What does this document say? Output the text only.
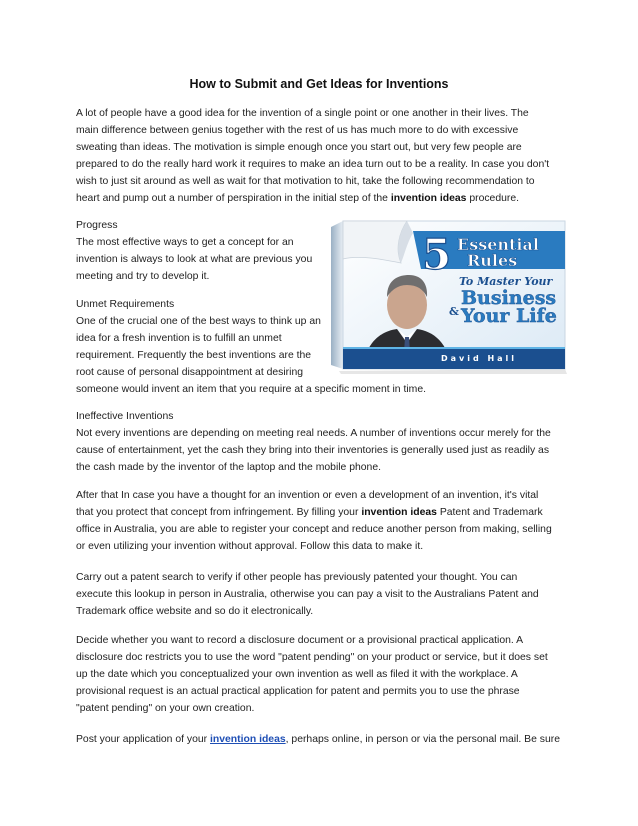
How to Submit and Get Ideas for Inventions

A lot of people have a good idea for the invention of a single point or one another in their lives. The

main difference between genius together with the rest of us has much more to do with excessive

sweating than ideas. The motivation is simple enough once you start out, but very few people are

prepared to do the really hard work it requires to make an idea turn out to be a reality. In case you don't

wish to just sit around as well as wait for that motivation to hit, take the following recommendation to

heart and pump out a number of perspiration in the initial step of the invention ideas procedure.

Progress

The most effective ways to get a concept for an

invention is always to look at what are previous you

meeting and try to develop it.

Unmet Requirements

One of the crucial one of the best ways to think up an

idea for a fresh invention is to fulfill an unmet

requirement. Frequently the best inventions are the

root cause of personal disappointment at desiring

someone would invent an item that you require at a specific moment in time.

5 Essential
Rules
To Master Your
Business
& Your Life
David Hall

Ineffective Inventions

Not every inventions are depending on meeting real needs. A number of inventions occur merely for the

cause of entertainment, yet the cash they bring into their inventories is generally used just as readily as

the cash made by the inventor of the laptop and the mobile phone.

After that In case you have a thought for an invention or even a development of an invention, it's vital

that you protect that concept from infringement. By filling your invention ideas Patent and Trademark

office in Australia, you are able to register your concept and reduce another person from making, selling

or even utilizing your invention without approval. Follow this data to make it.

Carry out a patent search to verify if other people has previously patented your thought. You can

execute this lookup in person in Australia, otherwise you can pay a visit to the Australians Patent and

Trademark office website and so do it electronically.

Decide whether you want to record a disclosure document or a provisional practical application. A

disclosure doc restricts you to use the word "patent pending" on your product or service, but it does set

up the date which you conceptualized your own invention as well as filed it with the workplace. A

provisional request is an actual practical application for patent and permits you to use the phrase

"patent pending" on your own creation.

Post your application of your invention ideas, perhaps online, in person or via the personal mail. Be sure
